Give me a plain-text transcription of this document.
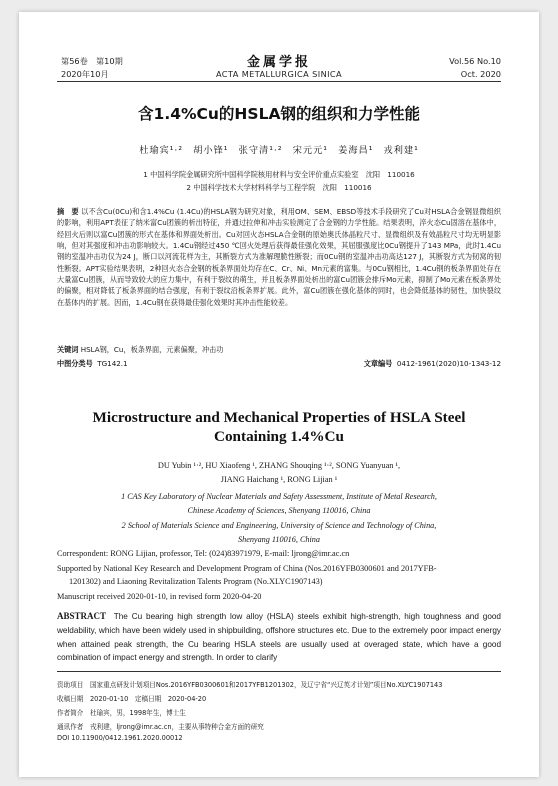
第56卷　第10期
2020年10月
金属学报
ACTA METALLURGICA SINICA
Vol.56 No.10
Oct. 2020
含1.4%Cu的HSLA钢的组织和力学性能
杜瑜宾¹·²　胡小锋¹　张守清¹·²　宋元元¹　姜海昌¹　戎利建¹
1 中国科学院金属研究所中国科学院核用材料与安全评价重点实验室　沈阳　110016
2 中国科学技术大学材料科学与工程学院　沈阳　110016
摘　要 以不含Cu(0Cu)和含1.4%Cu (1.4Cu)的HSLA钢为研究对象，利用OM、SEM、EBSD等技术手段研究了Cu对HSLA合金钢显微组织的影响，利用APT表征了纳米富Cu团簇的析出特征，并通过拉伸和冲击实验测定了合金钢的力学性能。结果表明，淬火态Cu固溶在基体中，经回火后则以富Cu团簇的形式在基体和界面处析出。Cu对回火态HSLA合金钢的原始奥氏体晶粒尺寸、显微组织及有效晶粒尺寸均无明显影响，但对其强度和冲击功影响较大。1.4Cu钢经过450 ℃回火处理后获得最佳强化效果，其屈服强度比0Cu钢提升了143 MPa，此时1.4Cu钢的室温冲击功仅为24 J，断口以河流花样为主，其断裂方式为准解理脆性断裂；而0Cu钢的室温冲击功高达127 J，其断裂方式为韧窝的韧性断裂。APT实验结果表明，2种回火态合金钢的板条界面处均存在C、Cr、Ni、Mn元素的富集。与0Cu钢相比，1.4Cu钢的板条界面处存在大量富Cu团簇，从而导致较大的应力集中，有利于裂纹的萌生，并且板条界面处析出的富Cu团簇会排斥Mo元素，抑制了Mo元素在板条界处的偏聚，相对降低了板条界面的结合强度，有利于裂纹沿板条界扩展。此外，富Cu团簇在强化基体的同时，也会降低基体的韧性，加快裂纹在基体内的扩展。因而，1.4Cu钢在获得最佳强化效果时其冲击性能较差。
关键词 HSLA钢，Cu，板条界面，元素偏聚，冲击功
中图分类号 TG142.1	文章编号 0412-1961(2020)10-1343-12
Microstructure and Mechanical Properties of HSLA Steel
Containing 1.4%Cu
DU Yubin ¹·², HU Xiaofeng ¹, ZHANG Shouqing ¹·², SONG Yuanyuan ¹,
JIANG Haichang ¹, RONG Lijian ¹
1 CAS Key Laboratory of Nuclear Materials and Safety Assessment, Institute of Metal Research,
Chinese Academy of Sciences, Shenyang 110016, China
2 School of Materials Science and Engineering, University of Science and Technology of China,
Shenyang 110016, China
Correspondent: RONG Lijian, professor, Tel: (024)83971979, E-mail: ljrong@imr.ac.cn
Supported by National Key Research and Development Program of China (Nos.2016YFB0300601 and 2017YFB-
1201302) and Liaoning Revitalization Talents Program (No.XLYC1907143)
Manuscript received 2020-01-10, in revised form 2020-04-20
ABSTRACT The Cu bearing high strength low alloy (HSLA) steels exhibit high-strength, high toughness and good weldability, which have been widely used in shipbuilding, offshore structures etc. Due to the extremely poor impact energy when attained peak strength, the Cu bearing HSLA steels are usually used at overaged state, which have a good combination of impact energy and strength. In order to clarify
资助项目　国家重点研发计划项目Nos.2016YFB0300601和2017YFB1201302，及辽宁省“兴辽英才计划”项目No.XLYC1907143
收稿日期　2020-01-10　定稿日期　2020-04-20
作者简介　杜瑜宾，男，1998年生，博士生
通讯作者　戎利建，ljrong@imr.ac.cn，主要从事特种合金方面的研究
DOI 10.11900/0412.1961.2020.00012
